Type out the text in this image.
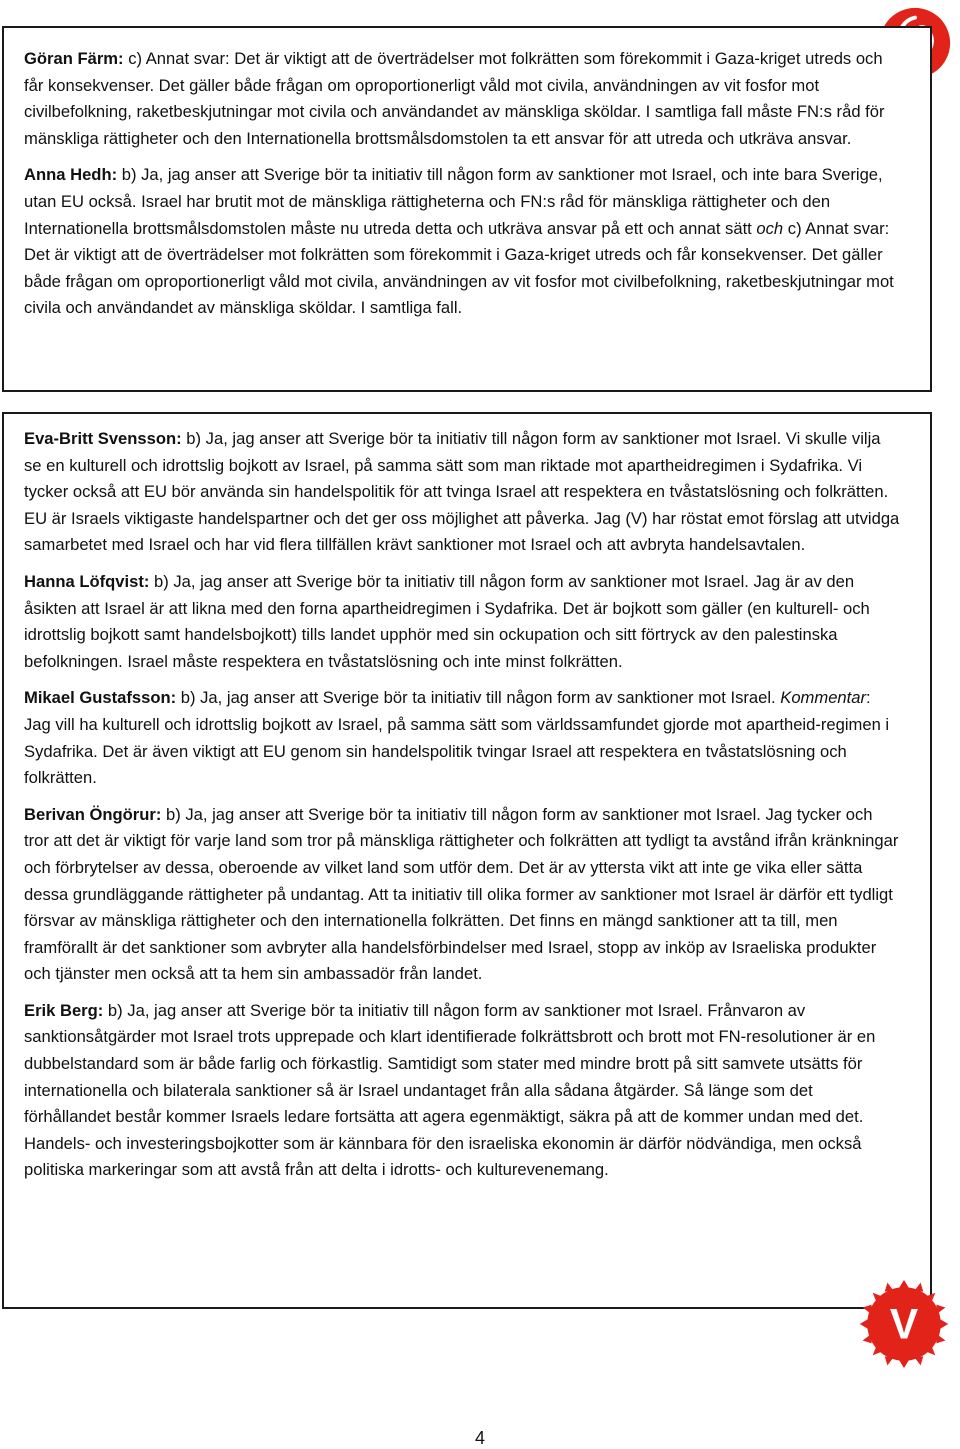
Göran Färm: c) Annat svar: Det är viktigt att de överträdelser mot folkrätten som förekommit i Gaza-kriget utreds och får konsekvenser. Det gäller både frågan om oproportionerligt våld mot civila, användningen av vit fosfor mot civilbefolkning, raketbeskjutningar mot civila och användandet av mänskliga sköldar. I samtliga fall måste FN:s råd för mänskliga rättigheter och den Internationella brottsmålsdomstolen ta ett ansvar för att utreda och utkräva ansvar.

Anna Hedh: b) Ja, jag anser att Sverige bör ta initiativ till någon form av sanktioner mot Israel, och inte bara Sverige, utan EU också. Israel har brutit mot de mänskliga rättigheterna och FN:s råd för mänskliga rättigheter och den Internationella brottsmålsdomstolen måste nu utreda detta och utkräva ansvar på ett och annat sätt och c) Annat svar: Det är viktigt att de överträdelser mot folkrätten som förekommit i Gaza-kriget utreds och får konsekvenser. Det gäller både frågan om oproportionerligt våld mot civila, användningen av vit fosfor mot civilbefolkning, raketbeskjutningar mot civila och användandet av mänskliga sköldar. I samtliga fall.

Eva-Britt Svensson: b) Ja, jag anser att Sverige bör ta initiativ till någon form av sanktioner mot Israel. Vi skulle vilja se en kulturell och idrottslig bojkott av Israel, på samma sätt som man riktade mot apartheidregimen i Sydafrika. Vi tycker också att EU bör använda sin handelspolitik för att tvinga Israel att respektera en tvåstatslösning och folkrätten. EU är Israels viktigaste handelspartner och det ger oss möjlighet att påverka. Jag (V) har röstat emot förslag att utvidga samarbetet med Israel och har vid flera tillfällen krävt sanktioner mot Israel och att avbryta handelsavtalen.

Hanna Löfqvist: b) Ja, jag anser att Sverige bör ta initiativ till någon form av sanktioner mot Israel. Jag är av den åsikten att Israel är att likna med den forna apartheidregimen i Sydafrika. Det är bojkott som gäller (en kulturell- och idrottslig bojkott samt handelsbojkott) tills landet upphör med sin ockupation och sitt förtryck av den palestinska befolkningen. Israel måste respektera en tvåstatslösning och inte minst folkrätten.

Mikael Gustafsson: b) Ja, jag anser att Sverige bör ta initiativ till någon form av sanktioner mot Israel. Kommentar: Jag vill ha kulturell och idrottslig bojkott av Israel, på samma sätt som världssamfundet gjorde mot apartheid-regimen i Sydafrika. Det är även viktigt att EU genom sin handelspolitik tvingar Israel att respektera en tvåstatslösning och folkrätten.

Berivan Öngörur: b) Ja, jag anser att Sverige bör ta initiativ till någon form av sanktioner mot Israel. Jag tycker och tror att det är viktigt för varje land som tror på mänskliga rättigheter och folkrätten att tydligt ta avstånd ifrån kränkningar och förbrytelser av dessa, oberoende av vilket land som utför dem. Det är av yttersta vikt att inte ge vika eller sätta dessa grundläggande rättigheter på undantag. Att ta initiativ till olika former av sanktioner mot Israel är därför ett tydligt försvar av mänskliga rättigheter och den internationella folkrätten. Det finns en mängd sanktioner att ta till, men framförallt är det sanktioner som avbryter alla handelsförbindelser med Israel, stopp av inköp av Israeliska produkter och tjänster men också att ta hem sin ambassadör från landet.

Erik Berg: b) Ja, jag anser att Sverige bör ta initiativ till någon form av sanktioner mot Israel. Frånvaron av sanktionsåtgärder mot Israel trots upprepade och klart identifierade folkrättsbrott och brott mot FN-resolutioner är en dubbelstandard som är både farlig och förkastlig. Samtidigt som stater med mindre brott på sitt samvete utsätts för internationella och bilaterala sanktioner så är Israel undantaget från alla sådana åtgärder. Så länge som det förhållandet består kommer Israels ledare fortsätta att agera egenmäktigt, säkra på att de kommer undan med det. Handels- och investeringsbojkotter som är kännbara för den israeliska ekonomin är därför nödvändiga, men också politiska markeringar som att avstå från att delta i idrotts- och kulturevenemang.

V
4
